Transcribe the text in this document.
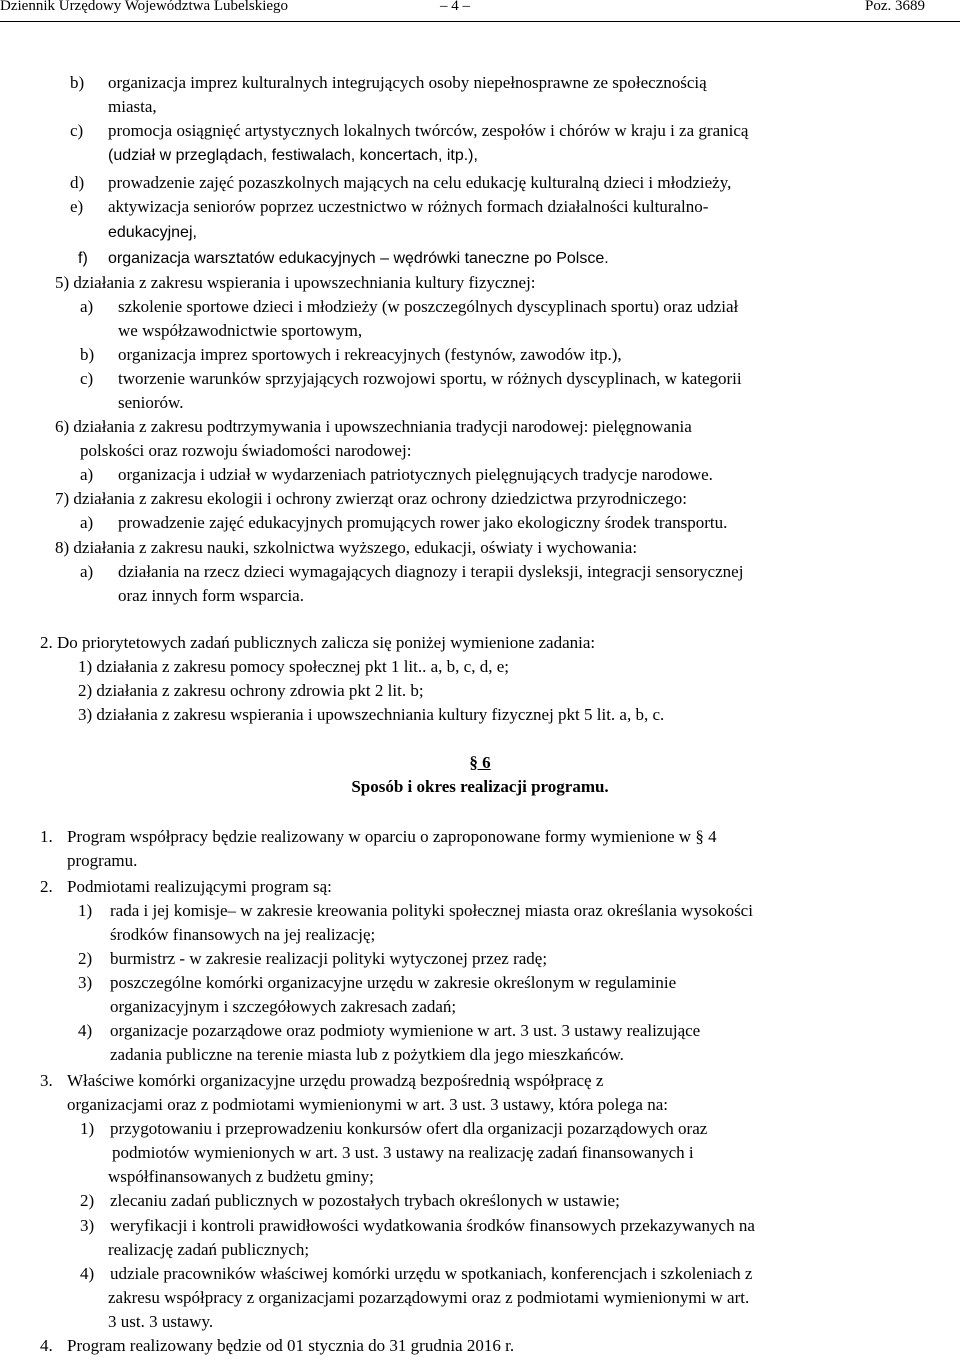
Dziennik Urzędowy Województwa Lubelskiego	– 4 –	Poz. 3689
b) organizacja imprez kulturalnych integrujących osoby niepełnosprawne ze społecznością
miasta,
c) promocja osiągnięć artystycznych lokalnych twórców, zespołów i chórów w kraju i za granicą
(udział w przeglądach, festiwalach, koncertach, itp.),
d) prowadzenie zajęć pozaszkolnych mających na celu edukację kulturalną dzieci i młodzieży,
e) aktywizacja seniorów poprzez uczestnictwo w różnych formach działalności kulturalno-
edukacyjnej,
f) organizacja warsztatów edukacyjnych – wędrówki taneczne po Polsce.
5) działania z zakresu wspierania i upowszechniania kultury fizycznej:
a) szkolenie sportowe dzieci i młodzieży (w poszczególnych dyscyplinach sportu) oraz udział
we współzawodnictwie sportowym,
b) organizacja imprez sportowych i rekreacyjnych (festynów, zawodów itp.),
c) tworzenie warunków sprzyjających rozwojowi sportu, w różnych dyscyplinach, w kategorii
seniorów.
6) działania z zakresu podtrzymywania i upowszechniania tradycji narodowej: pielęgnowania
polskości oraz rozwoju świadomości narodowej:
a) organizacja i udział w wydarzeniach patriotycznych pielęgnujących tradycje narodowe.
7) działania z zakresu ekologii i ochrony zwierząt oraz ochrony dziedzictwa przyrodniczego:
a) prowadzenie zajęć edukacyjnych promujących rower jako ekologiczny środek transportu.
8) działania z zakresu nauki, szkolnictwa wyższego, edukacji, oświaty i wychowania:
a) działania na rzecz dzieci wymagających diagnozy i terapii dysleksji, integracji sensorycznej
oraz innych form wsparcia.
2. Do priorytetowych zadań publicznych zalicza się poniżej wymienione zadania:
1) działania z zakresu pomocy społecznej pkt 1 lit.. a, b, c, d, e;
2) działania z zakresu ochrony zdrowia pkt 2 lit. b;
3) działania z zakresu wspierania i upowszechniania kultury fizycznej pkt 5 lit. a, b, c.
§ 6
Sposób i okres realizacji programu.
1. Program współpracy będzie realizowany w oparciu o zaproponowane formy wymienione w § 4
programu.
2. Podmiotami realizującymi program są:
1) rada i jej komisje– w zakresie kreowania polityki społecznej miasta oraz określania wysokości
środków finansowych na jej realizację;
2) burmistrz - w zakresie realizacji polityki wytyczonej przez radę;
3) poszczególne komórki organizacyjne urzędu w zakresie określonym w regulaminie
organizacyjnym i szczegółowych zakresach zadań;
4) organizacje pozarządowe oraz podmioty wymienione w art. 3 ust. 3 ustawy realizujące
zadania publiczne na terenie miasta lub z pożytkiem dla jego mieszkańców.
3. Właściwe komórki organizacyjne urzędu prowadzą bezpośrednią współpracę z
organizacjami oraz z podmiotami wymienionymi w art. 3 ust. 3 ustawy, która polega na:
1) przygotowaniu i przeprowadzeniu konkursów ofert dla organizacji pozarządowych oraz
podmiotów wymienionych w art. 3 ust. 3 ustawy na realizację zadań finansowanych i
współfinansowanych z budżetu gminy;
2) zlecaniu zadań publicznych w pozostałych trybach określonych w ustawie;
3) weryfikacji i kontroli prawidłowości wydatkowania środków finansowych przekazywanych na
realizację zadań publicznych;
4) udziale pracowników właściwej komórki urzędu w spotkaniach, konferencjach i szkoleniach z
zakresu współpracy z organizacjami pozarządowymi oraz z podmiotami wymienionymi w art.
3 ust. 3 ustawy.
4. Program realizowany będzie od 01 stycznia do 31 grudnia 2016 r.
